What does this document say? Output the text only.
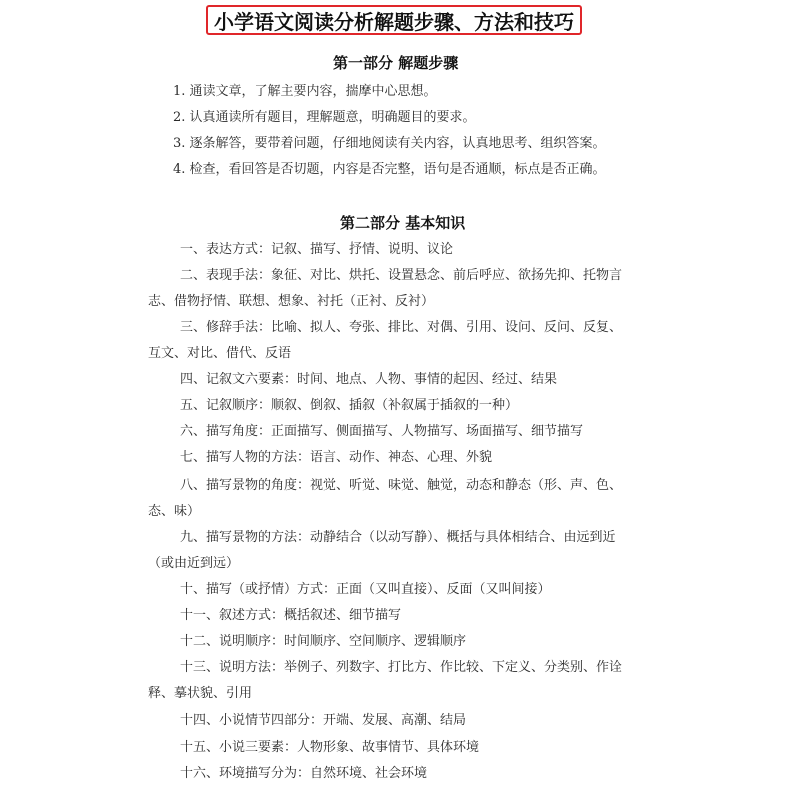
小学语文阅读分析解题步骤、方法和技巧
第一部分 解题步骤
1. 通读文章，了解主要内容，揣摩中心思想。
2. 认真通读所有题目，理解题意，明确题目的要求。
3. 逐条解答，要带着问题，仔细地阅读有关内容，认真地思考、组织答案。
4. 检查，看回答是否切题，内容是否完整，语句是否通顺，标点是否正确。
第二部分 基本知识
一、表达方式：记叙、描写、抒情、说明、议论
二、表现手法：象征、对比、烘托、设置悬念、前后呼应、欲扬先抑、托物言
志、借物抒情、联想、想象、衬托（正衬、反衬）
三、修辞手法：比喻、拟人、夸张、排比、对偶、引用、设问、反问、反复、
互文、对比、借代、反语
四、记叙文六要素：时间、地点、人物、事情的起因、经过、结果
五、记叙顺序：顺叙、倒叙、插叙（补叙属于插叙的一种）
六、描写角度：正面描写、侧面描写、人物描写、场面描写、细节描写
七、描写人物的方法：语言、动作、神态、心理、外貌
八、描写景物的角度：视觉、听觉、味觉、触觉，动态和静态（形、声、色、
态、味）
九、描写景物的方法：动静结合（以动写静）、概括与具体相结合、由远到近
（或由近到远）
十、描写（或抒情）方式：正面（又叫直接）、反面（又叫间接）
十一、叙述方式：概括叙述、细节描写
十二、说明顺序：时间顺序、空间顺序、逻辑顺序
十三、说明方法：举例子、列数字、打比方、作比较、下定义、分类别、作诠
释、摹状貌、引用
十四、小说情节四部分：开端、发展、高潮、结局
十五、小说三要素：人物形象、故事情节、具体环境
十六、环境描写分为：自然环境、社会环境
